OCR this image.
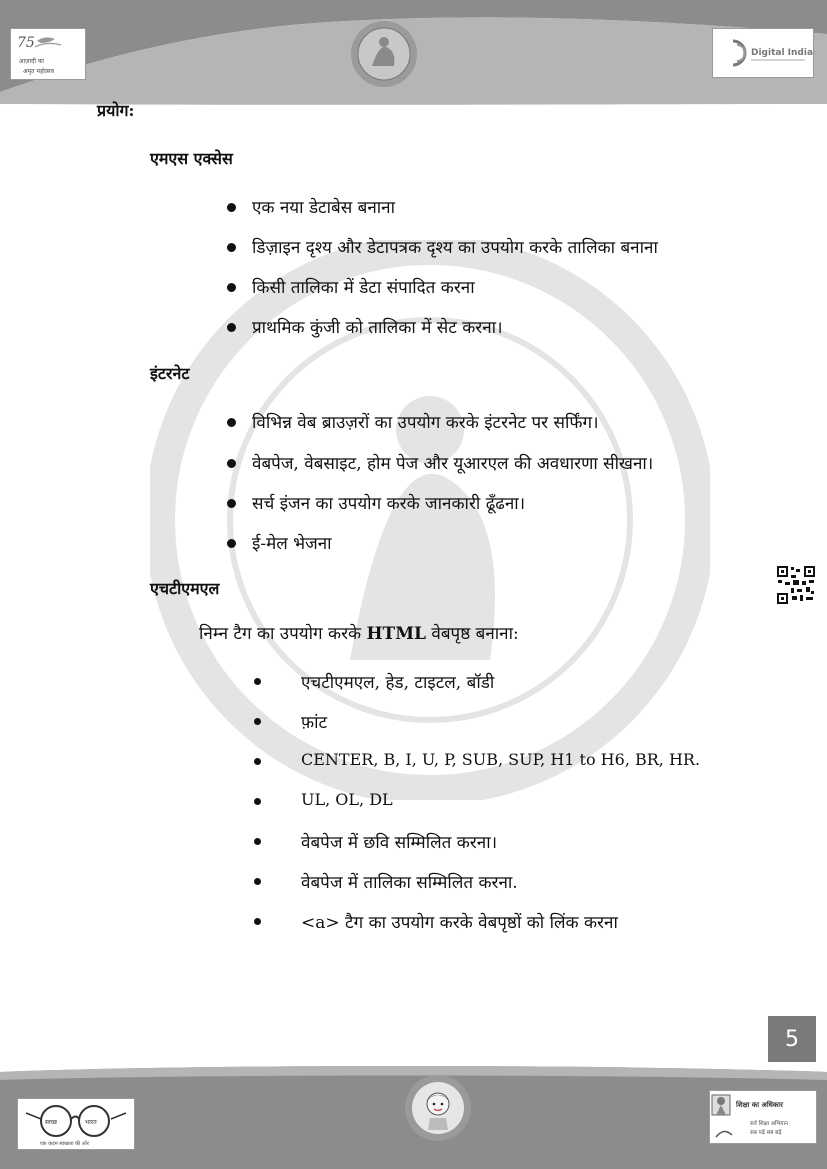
75
आज़ादी का
अमृत महोत्सव
Digital India
प्रयोग:
एमएस एक्सेस
एक नया डेटाबेस बनाना
डिज़ाइन दृश्य और डेटापत्रक दृश्य का उपयोग करके तालिका बनाना
किसी तालिका में डेटा संपादित करना
प्राथमिक कुंजी को तालिका में सेट करना।
इंटरनेट
विभिन्न वेब ब्राउज़रों का उपयोग करके इंटरनेट पर सर्फिंग।
वेबपेज, वेबसाइट, होम पेज और यूआरएल की अवधारणा सीखना।
सर्च इंजन का उपयोग करके जानकारी ढूँढना।
ई-मेल भेजना
एचटीएमएल
निम्न टैग का उपयोग करके HTML वेबपृष्ठ बनाना:
एचटीएमएल, हेड, टाइटल, बॉडी
फ़ांट
CENTER, B, I, U, P, SUB, SUP, H1 to H6, BR, HR.
UL, OL, DL
वेबपेज में छवि सम्मिलित करना।
वेबपेज में तालिका सम्मिलित करना.
<a> टैग का उपयोग करके वेबपृष्ठों को लिंक करना
5
स्वच्छ	भारत
एक कदम स्वच्छता की ओर
शिक्षा का अधिकार
सर्व शिक्षा अभियान
सब पढ़ें सब बढ़ें
